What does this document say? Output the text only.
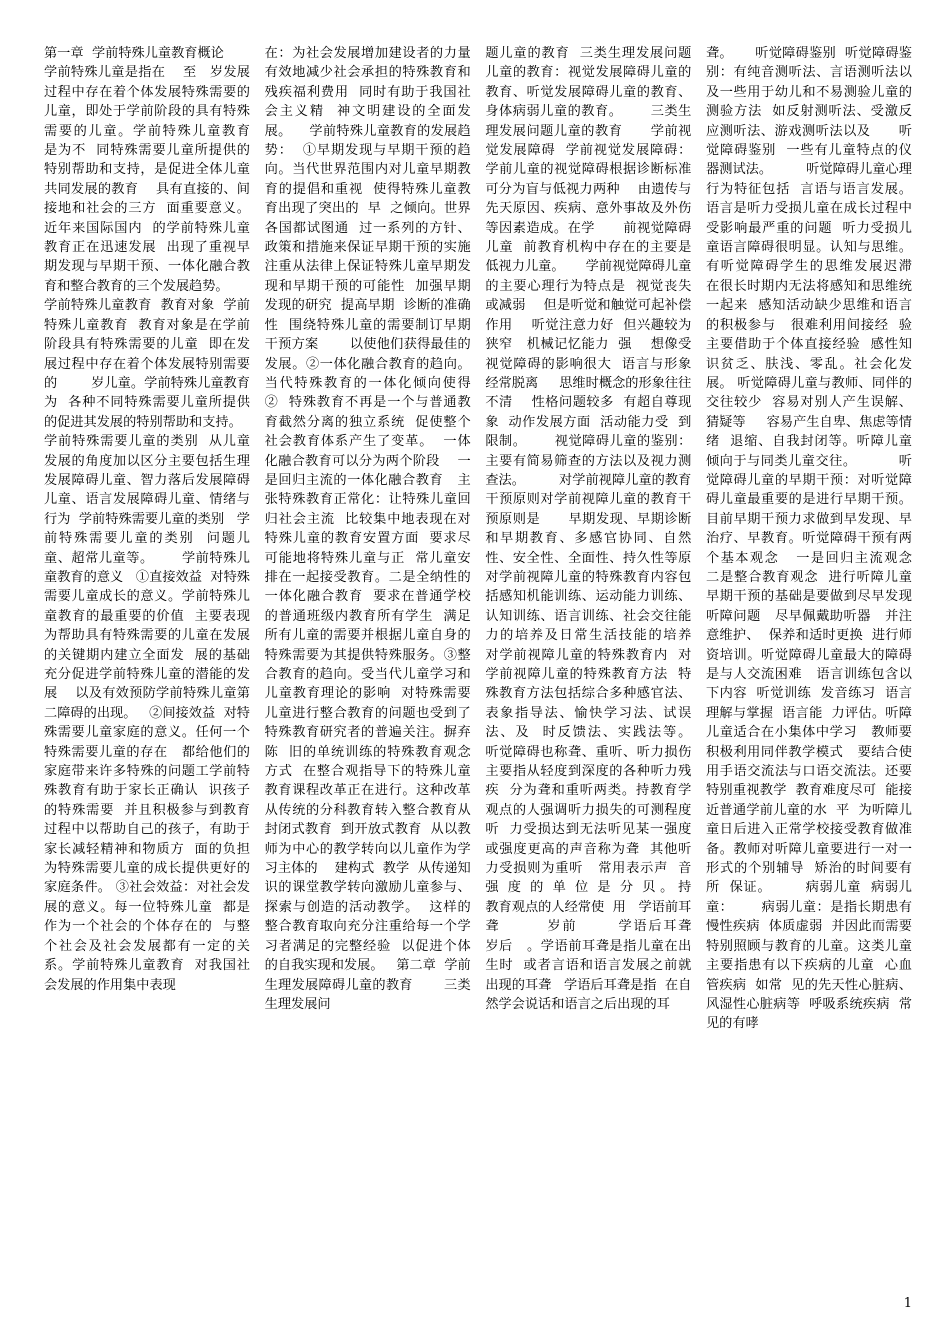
第一章  学前特殊儿童教育概论
学前特殊儿童是指在    至   岁发展过程中存在着个体发展特殊需要的儿童，即处于学前阶段的具有特殊需要的儿童。学前特殊儿童教育   是为不  同特殊需要儿童所提供的特别帮助和支持，是促进全体儿童共同发展的教育    具有直接的、间接地和社会的三方  面重要意义。近年来国际国内  的学前特殊儿童教育正在迅速发展  出现了重视早期发现与早期干预、一体化融合教育和整合教育的三个发展趋势。
学前特殊儿童教育  教育对象  学前特殊儿童教育  教育对象是在学前阶段具有特殊需要的儿童  即在发展过程中存在着个体发展特别需要的        岁儿童。学前特殊儿童教育  为  各种不同特殊需要儿童所提供的促进其发展的特别帮助和支持。
学前特殊需要儿童的类别  从儿童发展的角度加以区分主要包括生理发展障碍儿童、智力落后发展障碍儿童、语言发展障碍儿童、情绪与行为  学前特殊需要儿童的类别   学前特殊需要儿童的类别  问题儿童、超常儿童等。      学前特殊儿童教育的意义   ①直接效益  对特殊需要儿童成长的意义。学前特殊儿童教育的最重要的价值  主要表现为帮助具有特殊需要的儿童在发展的关键期内建立全面发  展的基础  充分促进学前特殊儿童的潜能的发展    以及有效预防学前特殊儿童第二障碍的出现。   ②间接效益  对特殊需要儿童家庭的意义。任何一个特殊需要儿童的存在   都给他们的家庭带来许多特殊的问题工学前特殊教育有助于家长正确认  识孩子的特殊需要  并且积极参与到教育过程中以帮助自己的孩子，有助于家长减轻精神和物质方  面的负担  为特殊需要儿童的成长提供更好的家庭条件。 ③社会效益：对社会发展的意义。每一位特殊儿童  都是作为一个社会的个体存在的  与整个社会及社会发展都有一定的关系。学前特殊儿童教育  对我国社会发展的作用集中表现

在：为社会发展增加建设者的力量  有效地减少社会承担的特殊教育和残疾福利费用  同时有助于我国社会主义精  神文明建设的全面发展。    学前特殊儿童教育的发展趋势：  ①早期发现与早期干预的趋向。当代世界范围内对儿童早期教育的提倡和重视  使得特殊儿童教育出现了突出的  早  之倾向。世界各国都试图通  过一系列的方针、政策和措施来保证早期干预的实施  注重从法律上保证特殊儿童早期发现和早期干预的可能性  加强早期发现的研究  提高早期  诊断的准确性  围绕特殊儿童的需要制订早期干预方案       以使他们获得最佳的发展。②一体化融合教育的趋向。当代特殊教育的一体化倾向使得  ②  特殊教育不再是一个与普通教育截然分离的独立系统  促使整个社会教育体系产生了变革。  一体化融合教育可以分为两个阶段    一是回归主流的一体化融合教育   主张特殊教育正常化：让特殊儿童回归社会主流  比较集中地表现在对特殊儿童的教育安置方面  要求尽可能地将特殊儿童与正  常儿童安排在一起接受教育。二是全纳性的一体化融合教育  要求在普通学校的普通班级内教育所有学生  满足所有儿童的需要并根据儿童自身的  特殊需要为其提供特殊服务。③整合教育的趋向。受当代儿童学习和儿童教育理论的影响  对特殊需要儿童进行整合教育的问题也受到了特殊教育研究者的普遍关注。摒弃陈  旧的单统训练的特殊教育观念方式  在整合观指导下的特殊儿童教育课程改革正在进行。这种改革从传统的分科教育转入整合教育从封闭式教育  到开放式教育  从以教师为中心的教学转向以儿童作为学习主体的    建构式  教学  从传递知识的课堂教学转向激励儿童参与、  探索与创造的活动教学。  这样的整合教育取向充分注重给每一个学习者满足的完整经验  以促进个体的自我实现和发展。   第二章  学前生理发展障碍儿童的教育       三类生理发展问

题儿童的教育  三类生理发展问题儿童的教育：视觉发展障碍儿童的教育、听觉发展障碍儿童的教育、身体病弱儿童的教育。      三类生理发展问题儿童的教育      学前视觉发展障碍  学前视觉发展障碍：学前儿童的视觉障碍根据诊断标准可分为盲与低视力两种    由遗传与先天原因、疾病、意外事故及外伤等因素造成。在学      前视觉障碍儿童  前教育机构中存在的主要是低视力儿童。     学前视觉障碍儿童的主要心理行为特点是  视觉丧失或减弱    但是听觉和触觉可起补偿作用    听觉注意力好  但兴趣较为狭窄   机械记忆能力  强    想像受视觉障碍的影响很大  语言与形象经常脱离     思维时概念的形象往往不清    性格问题较多  有超自尊现象  动作发展方面  活动能力受  到限制。      视觉障碍儿童的鉴别：主要有简易筛查的方法以及视力测查法。        对学前视障儿童的教育干预原则对学前视障儿童的教育干预原则是      早期发现、早期诊断和早期教育、多感官协同、自然性、安全性、全面性、持久性等原        对学前视障儿童的特殊教育内容包括感知机能训练、运动能力训练、认知训练、语言训练、社会交往能力的培养及日常生活技能的培养     对学前视障儿童的特殊教育内  对学前视障儿童的特殊教育方法  特殊教育方法包括综合多种感官法、表象指导法、愉快学习法、试误法、及  时反馈法、实践法等。        听觉障碍也称聋、重听、听力损伤  主要指从轻度到深度的各种听力残疾  分为聋和重听两类。持教育学观点的人强调听力损失的可测程度  听  力受损达到无法听见某一强度或强度更高的声音称为聋  其他听力受损则为重听   常用表示声  音  强  度  的  单  位  是  分  贝 。 持教育观点的人经常使  用   学语前耳聋        岁前       学语后耳聋        岁后   。学语前耳聋是指儿童在出生时  或者言语和语言发展之前就出现的耳聋   学语后耳聋是指  在自然学会说话和语言之后出现的耳

聋。     听觉障碍鉴别  听觉障碍鉴别：有纯音测听法、言语测听法以及一些用于幼儿和不易测验儿童的测验方法  如反射测听法、受激反应测听法、游戏测听法以及      听觉障碍鉴别  一些有儿童特点的仪器测试法。        听觉障碍儿童心理行为特征包括  言语与语言发展。语言是听力受损儿童在成长过程中受影响最严重的问题  听力受损儿童语言障碍很明显。认知与思维。有听觉障碍学生的思维发展迟滞  在很长时期内无法将感知和思维统一起来  感知活动缺少思维和语言的积极参与   很难利用间接经  验  主要借助于个体直接经验  感性知识贫乏、肤浅、零乱。社会化发展。 听觉障碍儿童与教师、同伴的交往较少  容易对别人产生误解、猜疑等     容易产生自卑、焦虑等情绪  退缩、自我封闭等。听障儿童倾向于与同类儿童交往。         听觉障碍儿童的早期干预：对听觉障碍儿童最重要的是进行早期干预。目前早期干预力求做到早发现、早治疗、早教育。听觉障碍干预有两  个基本观念   一是回归主流观念     二是整合教育观念  进行听障儿童早期干预的基础是要做到尽早发现听障问题   尽早佩戴助听器   并注意维护、  保养和适时更换  进行师资培训。听觉障碍儿童最大的障碍是与人交流困难   语言训练包含以下内容  听觉训练  发音练习  语言理解与掌握  语言能  力评估。听障儿童适合在小集体中学习   教师要积极利用同伴教学模式   要结合使用手语交流法与口语交流法。还要特别重视教学  教育难度尽可  能接近普通学前儿童的水  平  为听障儿童日后进入正常学校接受教育做准备。教师对听障儿童要进行一对一形式的个别辅导  矫治的时间要有所  保证。       病弱儿童  病弱儿童：      病弱儿童：是指长期患有慢性疾病  体质虚弱  并因此而需要特别照顾与教育的儿童。这类儿童主要指患有以下疾病的儿童  心血管疾病  如常  见的先天性心脏病、风湿性心脏病等  呼吸系统疾病  常见的有哮

1
